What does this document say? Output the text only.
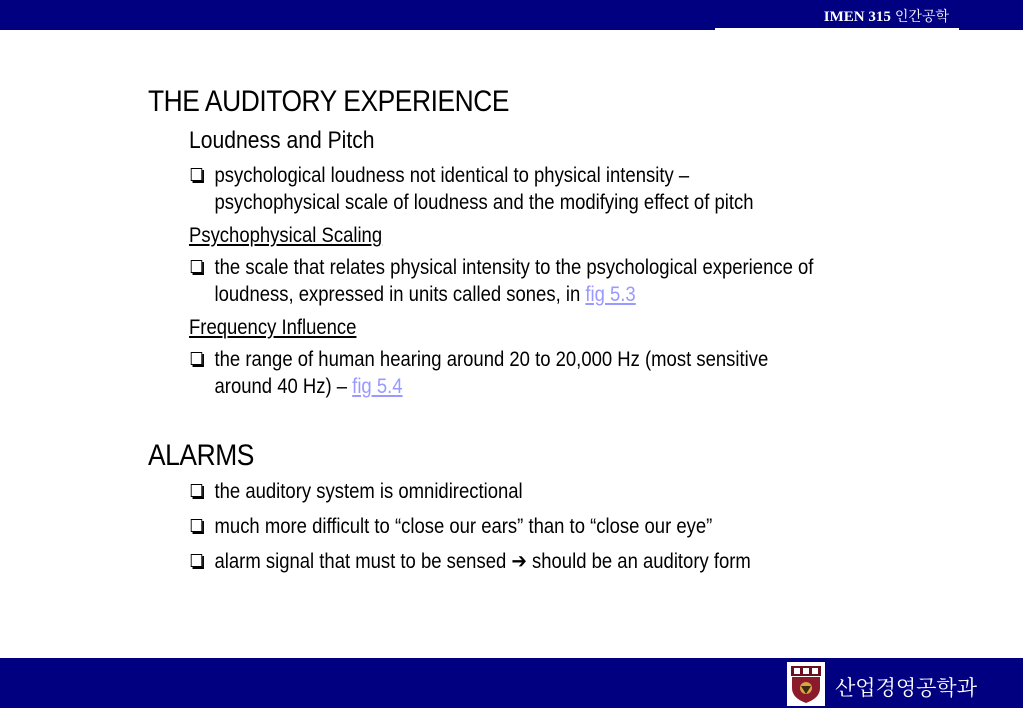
IMEN 315 인간공학
THE AUDITORY EXPERIENCE
Loudness and Pitch
psychological loudness not identical to physical intensity –
psychophysical scale of loudness and the modifying effect of pitch
Psychophysical Scaling
the scale that relates physical intensity to the psychological experience of
loudness, expressed in units called sones, in fig 5.3
Frequency Influence
the range of human hearing around 20 to 20,000 Hz (most sensitive
around 40 Hz) – fig 5.4
ALARMS
the auditory system is omnidirectional
much more difficult to “close our ears” than to “close our eye”
alarm signal that must to be sensed ➔ should be an auditory form
산업경영공학과
